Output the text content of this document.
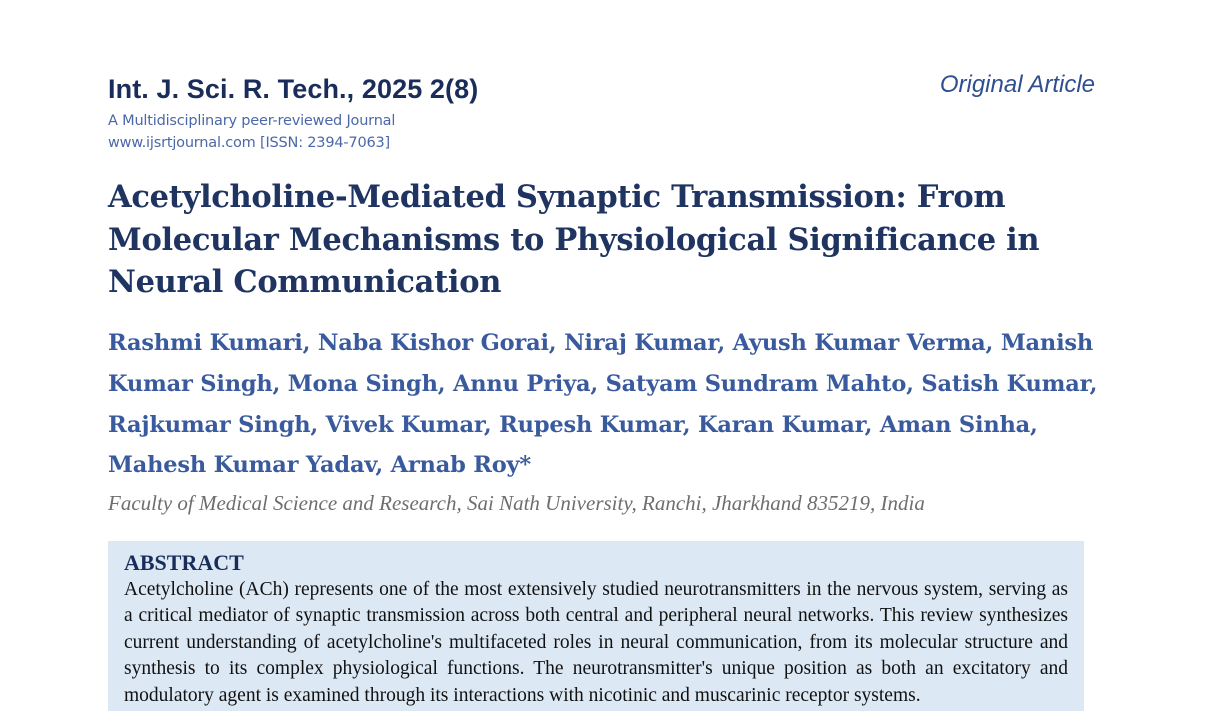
Int. J. Sci. R. Tech., 2025 2(8)	Original Article
A Multidisciplinary peer-reviewed Journal
www.ijsrtjournal.com [ISSN: 2394-7063]
Acetylcholine-Mediated Synaptic Transmission: From Molecular Mechanisms to Physiological Significance in Neural Communication

Rashmi Kumari, Naba Kishor Gorai, Niraj Kumar, Ayush Kumar Verma, Manish Kumar Singh, Mona Singh, Annu Priya, Satyam Sundram Mahto, Satish Kumar, Rajkumar Singh, Vivek Kumar, Rupesh Kumar, Karan Kumar, Aman Sinha, Mahesh Kumar Yadav, Arnab Roy*

Faculty of Medical Science and Research, Sai Nath University, Ranchi, Jharkhand 835219, India
ABSTRACT

Acetylcholine (ACh) represents one of the most extensively studied neurotransmitters in the nervous system, serving as a critical mediator of synaptic transmission across both central and peripheral neural networks. This review synthesizes current understanding of acetylcholine's multifaceted roles in neural communication, from its molecular structure and synthesis to its complex physiological functions. The neurotransmitter's unique position as both an excitatory and modulatory agent is examined through its interactions with nicotinic and muscarinic receptor systems.
